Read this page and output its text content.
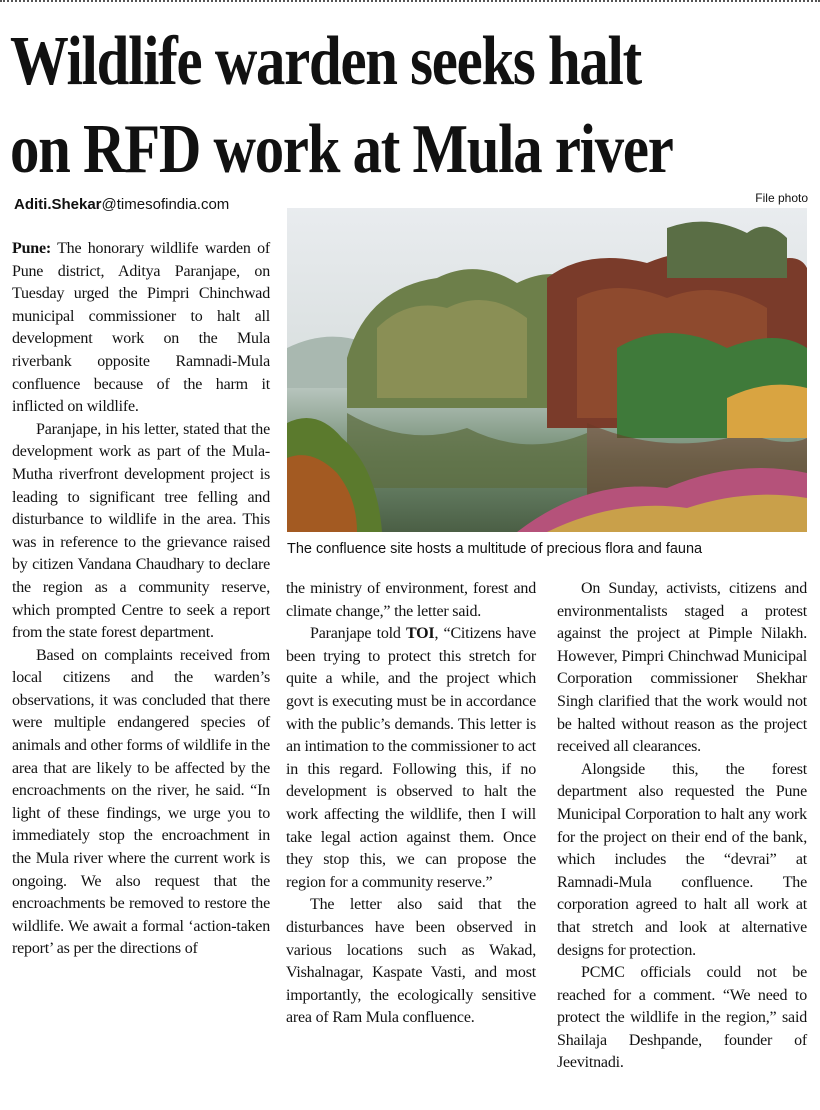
Wildlife warden seeks halt
on RFD work at Mula river
Aditi.Shekar@timesofindia.com	File photo
The confluence site hosts a multitude of precious flora and fauna

Pune: The honorary wildlife warden of Pune district, Aditya Paranjape, on Tuesday urged the Pimpri Chinchwad municipal commissioner to halt all development work on the Mula riverbank opposite Ramnadi-Mula confluence because of the harm it inflicted on wildlife.

Paranjape, in his letter, stated that the development work as part of the Mula-Mutha riverfront development project is leading to significant tree felling and disturbance to wildlife in the area. This was in reference to the grievance raised by citizen Vandana Chaudhary to declare the region as a community reserve, which prompted Centre to seek a report from the state forest department.

Based on complaints received from local citizens and the warden’s observations, it was concluded that there were multiple endangered species of animals and other forms of wildlife in the area that are likely to be affected by the encroachments on the river, he said. “In light of these findings, we urge you to immediately stop the encroachment in the Mula river where the current work is ongoing. We also request that the encroachments be removed to restore the wildlife. We await a formal ‘action-taken report’ as per the directions of

the ministry of environment, forest and climate change,” the letter said.

Paranjape told TOI, “Citizens have been trying to protect this stretch for quite a while, and the project which govt is executing must be in accordance with the public’s demands. This letter is an intimation to the commissioner to act in this regard. Following this, if no development is observed to halt the work affecting the wildlife, then I will take legal action against them. Once they stop this, we can propose the region for a community reserve.”

The letter also said that the disturbances have been observed in various locations such as Wakad, Vishalnagar, Kaspate Vasti, and most importantly, the ecologically sensitive area of Ram Mula confluence.

On Sunday, activists, citizens and environmentalists staged a protest against the project at Pimple Nilakh. However, Pimpri Chinchwad Municipal Corporation commissioner Shekhar Singh clarified that the work would not be halted without reason as the project received all clearances.

Alongside this, the forest department also requested the Pune Municipal Corporation to halt any work for the project on their end of the bank, which includes the “devrai” at Ramnadi-Mula confluence. The corporation agreed to halt all work at that stretch and look at alternative designs for protection.

PCMC officials could not be reached for a comment. “We need to protect the wildlife in the region,” said Shailaja Deshpande, founder of Jeevitnadi.
